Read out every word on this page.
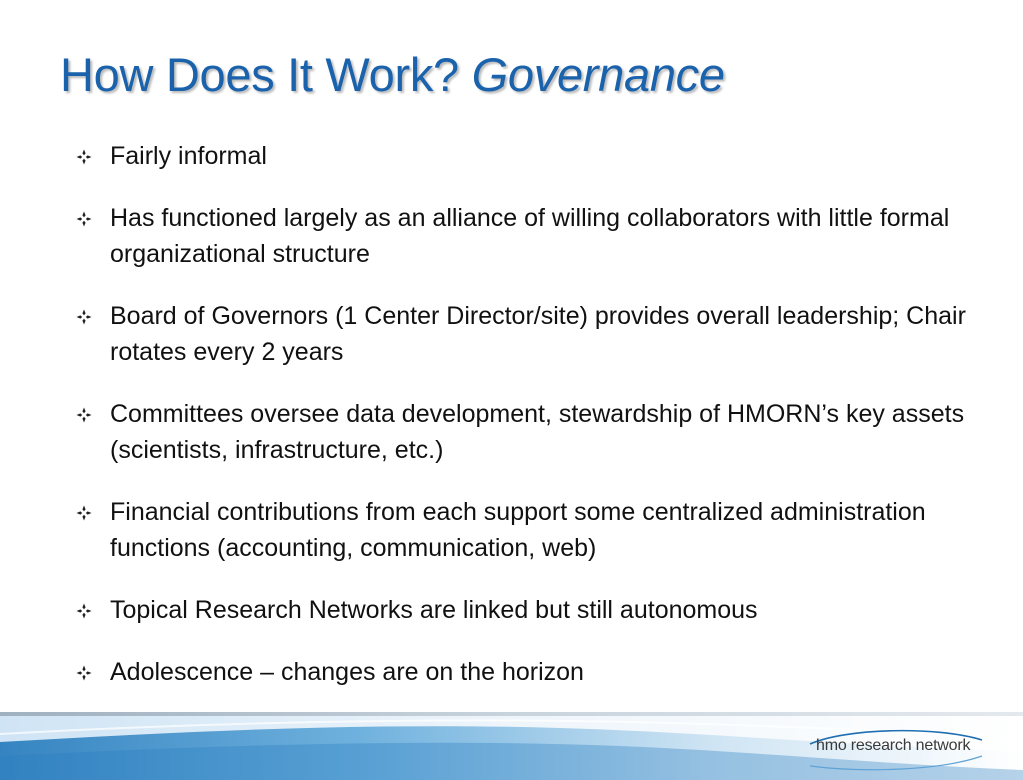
How Does It Work? Governance
Fairly informal
Has functioned largely as an alliance of willing collaborators with little formal organizational structure
Board of Governors (1 Center Director/site) provides overall leadership; Chair rotates every 2 years
Committees oversee data development, stewardship of HMORN’s key assets (scientists, infrastructure, etc.)
Financial contributions from each support some centralized administration functions (accounting, communication, web)
Topical Research Networks are linked but still autonomous
Adolescence – changes are on the horizon
hmo research network
